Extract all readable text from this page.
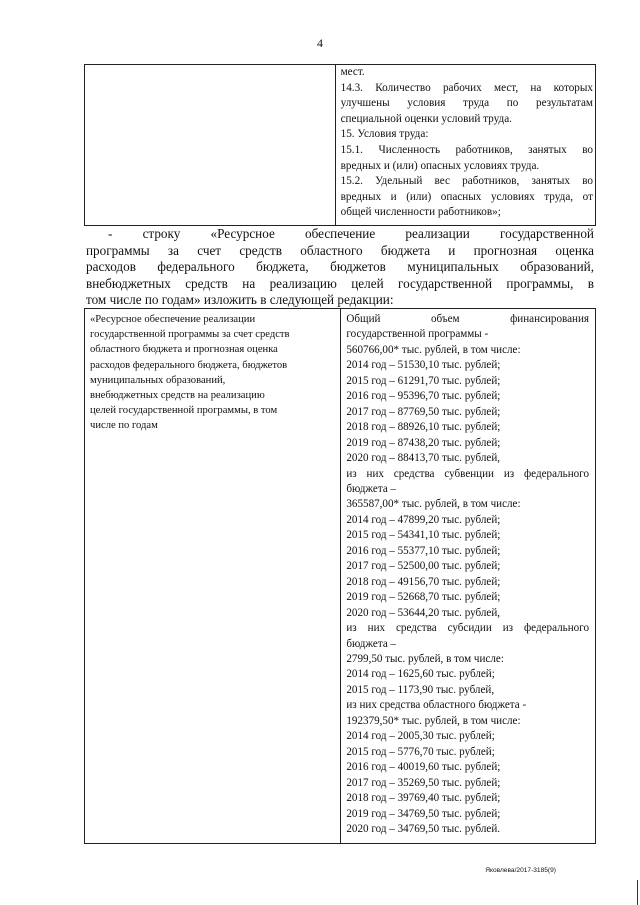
4

мест.
14.3. Количество рабочих мест, на которых
улучшены условия труда по результатам
специальной оценки условий труда.
15. Условия труда:
15.1. Численность работников, занятых во
вредных и (или) опасных условиях труда.
15.2. Удельный вес работников, занятых во
вредных и (или) опасных условиях труда, от
общей численности работников»;
- строку «Ресурсное обеспечение реализации государственной
программы за счет средств областного бюджета и прогнозная оценка
расходов федерального бюджета, бюджетов муниципальных образований,
внебюджетных средств на реализацию целей государственной программы, в
том числе по годам» изложить в следующей редакции:
«Ресурсное обеспечение реализации
государственной программы за счет средств
областного бюджета и прогнозная оценка
расходов федерального бюджета, бюджетов
муниципальных образований,
внебюджетных средств на реализацию
целей государственной программы, в том
числе по годам

Общий объем финансирования
государственной программы -
560766,00* тыс. рублей, в том числе:
2014 год – 51530,10 тыс. рублей;
2015 год – 61291,70 тыс. рублей;
2016 год – 95396,70 тыс. рублей;
2017 год – 87769,50 тыс. рублей;
2018 год – 88926,10 тыс. рублей;
2019 год – 87438,20 тыс. рублей;
2020 год – 88413,70 тыс. рублей,
из них средства субвенции из федерального
бюджета –
365587,00* тыс. рублей, в том числе:
2014 год – 47899,20 тыс. рублей;
2015 год – 54341,10 тыс. рублей;
2016 год – 55377,10 тыс. рублей;
2017 год – 52500,00 тыс. рублей;
2018 год – 49156,70 тыс. рублей;
2019 год – 52668,70 тыс. рублей;
2020 год – 53644,20 тыс. рублей,
из них средства субсидии из федерального
бюджета –
2799,50 тыс. рублей, в том числе:
2014 год – 1625,60 тыс. рублей;
2015 год – 1173,90 тыс. рублей,
из них средства областного бюджета -
192379,50* тыс. рублей, в том числе:
2014 год – 2005,30 тыс. рублей;
2015 год – 5776,70 тыс. рублей;
2016 год – 40019,60 тыс. рублей;
2017 год – 35269,50 тыс. рублей;
2018 год – 39769,40 тыс. рублей;
2019 год – 34769,50 тыс. рублей;
2020 год – 34769,50 тыс. рублей.
Яковлева/2017-3185(9)
